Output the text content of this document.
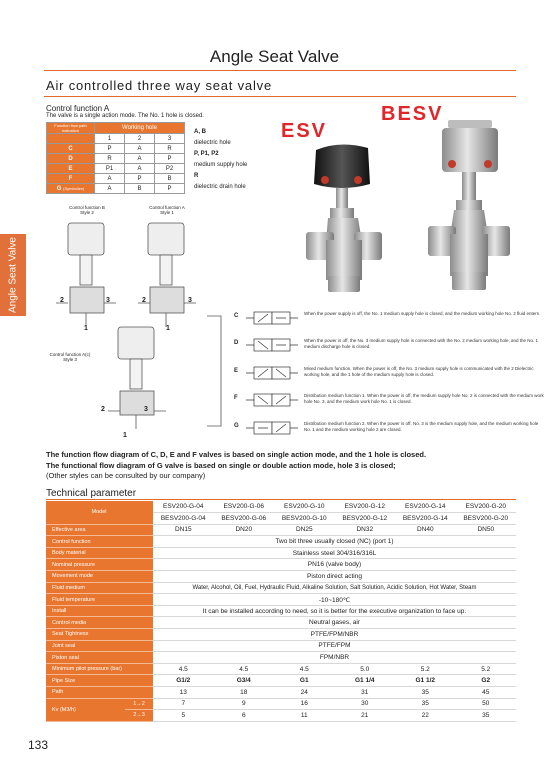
Angle Seat Valve
Air controlled three way seat valve
Angle Seat Valve
Control function A
The valve is a single action mode. The No. 1 hole is closed.
Function flow path indication	Working hole		
	1	2	3
C	P	A	R
D	R	A	P
E	P1	A	P2
F	A	P	B
G (Symbolize)	A	B	P
A, B
dielectric hole
P, P1, P2
medium supply hole
R
dielectric drain hole
ESV
BESV
Control function B
Style 2
Control function A
Style 1
Control function A(c)
Style 3
2	3
1
2	3
1
2	3
1
C	When the power supply is off, the No. 1 medium supply hole is closed, and the medium working hole No. 2 fluid enters
D	When the power is off, the No. 3 medium supply hole is connected with the No. 2 medium working hole, and the No. 1 medium discharge hole is closed.
E	Mixed medium function. When the power is off, the No. 3 medium supply hole is communicated with the 2 Dielectric working hole, and the 1 hole of the medium supply hole is closed.
F	Distribution medium function 1. When the power is off, the medium supply hole No. 2 is connected with the medium work hole No. 3, and the medium work hole No. 1 is closed.
G	Distribution medium function 2. When the power is off, No. 3 is the medium supply hole, and the medium working hole No. 1 and the medium working hole 2 are closed.
The function flow diagram of C, D, E and F valves is based on single action mode, and the 1 hole is closed.
The functional flow diagram of G valve is based on single or double action mode, hole 3 is closed;
(Other styles can be consulted by our company)
Technical parameter
Model		ESV200-G-04	ESV200-G-06	ESV200-G-10	ESV200-G-12	ESV200-G-14	ESV200-G-20
		BESV200-G-04	BESV200-G-06	BESV200-G-10	BESV200-G-12	BESV200-G-14	BESV200-G-20
Effective area		DN15	DN20	DN25	DN32	DN40	DN50
Control function		Two bit three usually closed (NC) (port 1)					
Body material		Stainless steel 304/316/316L					
Nominal pressure		PN16 (valve body)					
Movement mode		Piston direct acting					
Fluid medium		Water, Alcohol, Oil, Fuel, Hydraulic Fluid, Alkaline Solution, Salt Solution, Acidic Solution, Hot Water, Steam					
Fluid temperature		-10~180℃					
Install		It can be installed according to need, so it is better for the executive organization to face up.					
Control media		Neutral gases, air					
Seat Tightness		PTFE/FPM/NBR					
Joint seal		PTFE/FPM					
Piston seal		FPM/NBR					
Minimum pilot pressure (bar)		4.5	4.5	4.5	5.0	5.2	5.2
Pipe Size		G1/2	G3/4	G1	G1 1/4	G1 1/2	G2
Path		13	18	24	31	35	45
Kv (M3/h)	1→2	7	9	16	30	35	50
	2→3	5	6	11	21	22	35
133
